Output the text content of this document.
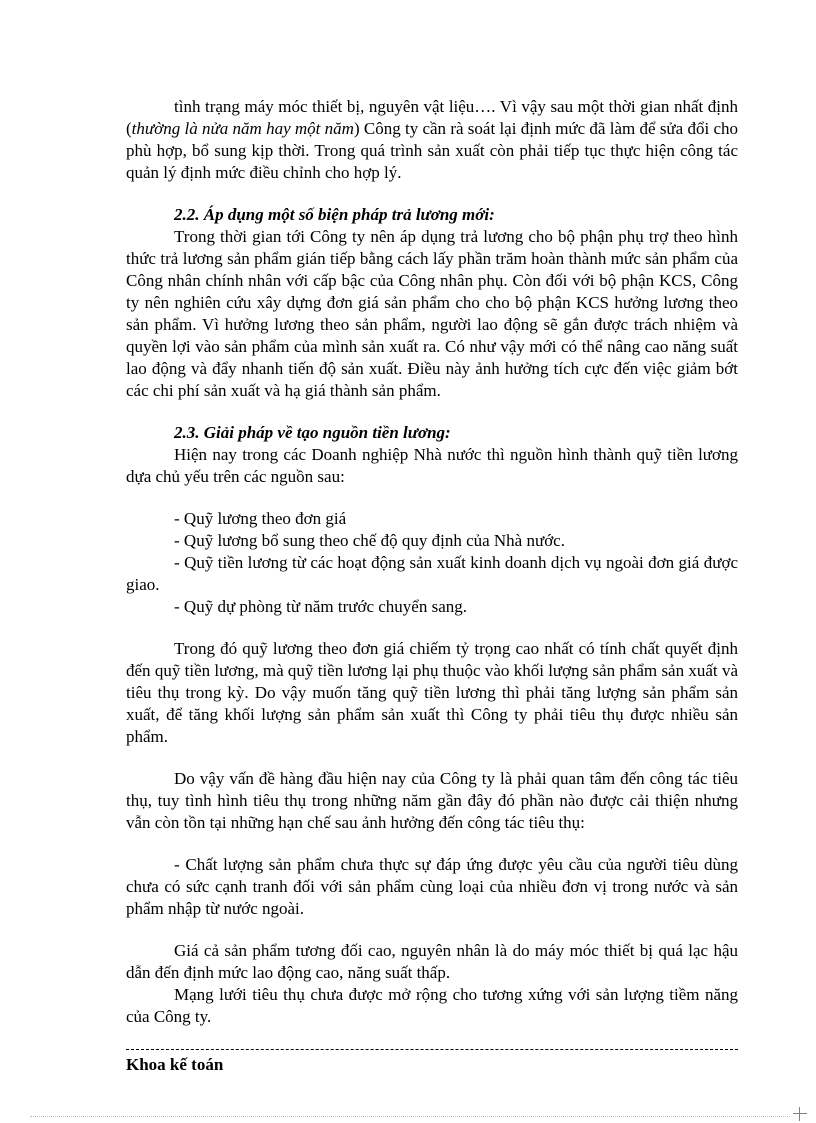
tình trạng máy móc thiết bị, nguyên vật liệu…. Vì vậy sau một thời gian nhất định (thường là nửa năm hay một năm) Công ty cần rà soát lại định mức đã làm để sửa đổi cho phù hợp, bổ sung kịp thời. Trong quá trình sản xuất còn phải tiếp tục thực hiện công tác quản lý định mức điều chỉnh cho hợp lý.

2.2. Áp dụng một số biện pháp trả lương mới:

Trong thời gian tới Công ty nên áp dụng trả lương cho bộ phận phụ trợ theo hình thức trả lương sản phẩm gián tiếp bằng cách lấy phần trăm hoàn thành mức sản phẩm của Công nhân chính nhân với cấp bậc của Công nhân phụ. Còn đối với bộ phận KCS, Công ty nên nghiên cứu xây dựng đơn giá sản phẩm cho cho bộ phận KCS hưởng lương theo sản phẩm. Vì hưởng lương theo sản phẩm, người lao động sẽ gắn được trách nhiệm và quyền lợi vào sản phẩm của mình sản xuất ra. Có như vậy mới có thể nâng cao năng suất lao động và đẩy nhanh tiến độ sản xuất. Điều này ảnh hưởng tích cực đến việc giảm bớt các chi phí sản xuất và hạ giá thành sản phẩm.

2.3. Giải pháp về tạo nguồn tiền lương:

Hiện nay trong các Doanh nghiệp Nhà nước thì nguồn hình thành quỹ tiền lương dựa chủ yếu trên các nguồn sau:

- Quỹ lương theo đơn giá

- Quỹ lương bổ sung theo chế độ quy định của Nhà nước.

- Quỹ tiền lương từ các hoạt động sản xuất kinh doanh dịch vụ ngoài đơn giá được giao.

- Quỹ dự phòng từ năm trước chuyển sang.

Trong đó quỹ lương theo đơn giá chiếm tỷ trọng cao nhất có tính chất quyết định đến quỹ tiền lương, mà quỹ tiền lương lại phụ thuộc vào khối lượng sản phẩm sản xuất và tiêu thụ trong kỳ. Do vậy muốn tăng quỹ tiền lương thì phải tăng lượng sản phẩm sản xuất, để tăng khối lượng sản phẩm sản xuất thì Công ty phải tiêu thụ được nhiều sản phẩm.

Do vậy vấn đề hàng đầu hiện nay của Công ty là phải quan tâm đến công tác tiêu thụ, tuy tình hình tiêu thụ trong những năm gần đây đó phần nào được cải thiện nhưng vẫn còn tồn tại những hạn chế sau ảnh hưởng đến công tác tiêu thụ:

- Chất lượng sản phẩm chưa thực sự đáp ứng được yêu cầu của người tiêu dùng chưa có sức cạnh tranh đối với sản phẩm cùng loại của nhiều đơn vị trong nước và sản phẩm nhập từ nước ngoài.

Giá cả sản phẩm tương đối cao, nguyên nhân là do máy móc thiết bị quá lạc hậu dẫn đến định mức lao động cao, năng suất thấp.

Mạng lưới tiêu thụ chưa được mở rộng cho tương xứng với sản lượng tiềm năng của Công ty.

Khoa kế toán
